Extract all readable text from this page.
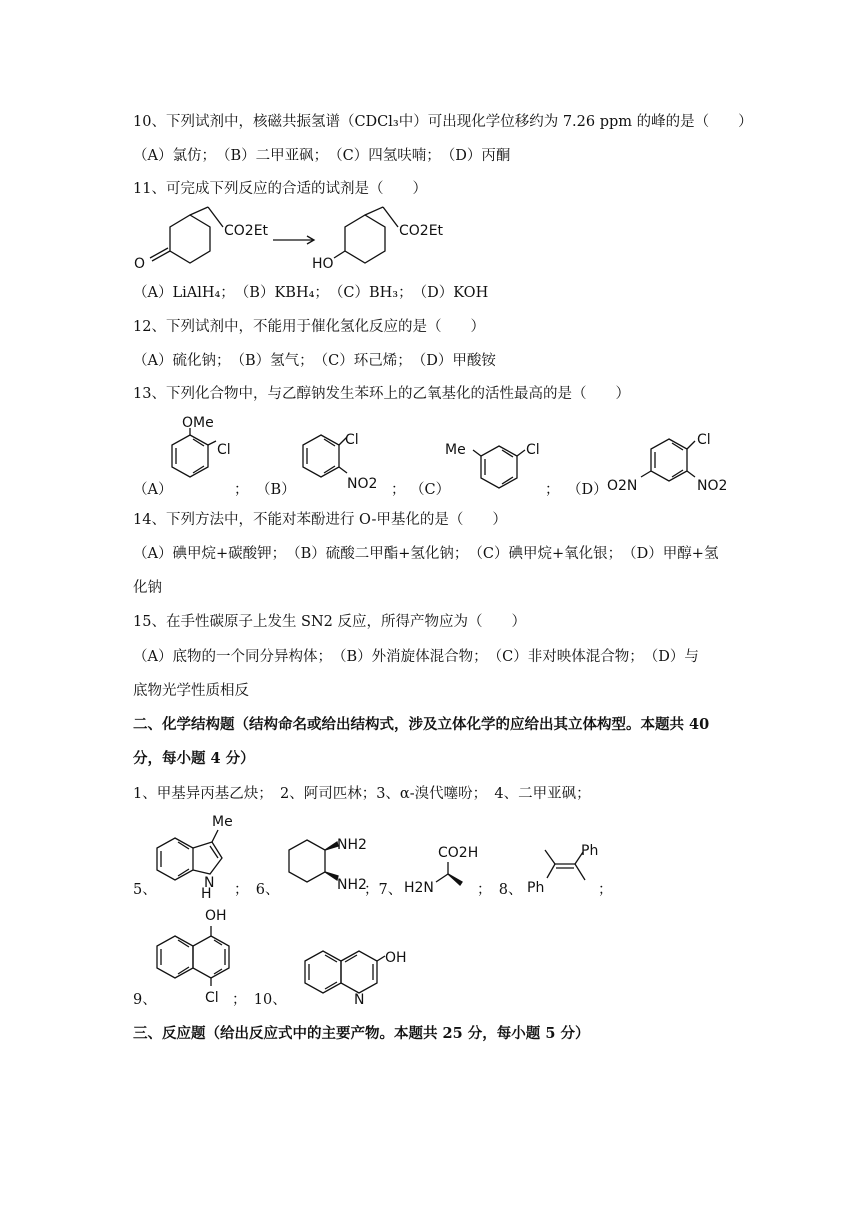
10、下列试剂中，核磁共振氢谱（CDCl₃中）可出现化学位移约为 7.26 ppm 的峰的是（　　）
（A）氯仿；　（B）二甲亚砜；　（C）四氢呋喃；　（D）丙酮
11、可完成下列反应的合适的试剂是（　　）
O
CO2Et
HO
CO2Et
（A）LiAlH₄；　（B）KBH₄；　（C）BH₃；　（D）KOH
12、下列试剂中，不能用于催化氢化反应的是（　　）
（A）硫化钠；　（B）氢气；　（C）环己烯；　（D）甲酸铵
13、下列化合物中，与乙醇钠发生苯环上的乙氧基化的活性最高的是（　　）
（A）
OMe
Cl
； （B）
Cl
NO2 ； （C）
Me	Cl
； （D）
Cl
O2N	NO2
14、下列方法中，不能对苯酚进行 O-甲基化的是（　　）
（A）碘甲烷+碳酸钾；　（B）硫酸二甲酯+氢化钠；　（C）碘甲烷+氧化银；　（D）甲醇+氢
化钠
15、在手性碳原子上发生 SN2 反应，所得产物应为（　　）
（A）底物的一个同分异构体；　（B）外消旋体混合物；　（C）非对映体混合物；　（D）与
底物光学性质相反
二、化学结构题（结构命名或给出结构式，涉及立体化学的应给出其立体构型。本题共 40
分，每小题 4 分）
1、甲基异丙基乙炔；　2、阿司匹林；3、α-溴代噻吩；　4、二甲亚砜；
5、
Me
N
H ；　6、
NH2
NH2
；7、
CO2H
H2N	；　8、
Ph
Ph	；
9、
OH
Cl ；　10、
OH
N
三、反应题（给出反应式中的主要产物。本题共 25 分，每小题 5 分）
